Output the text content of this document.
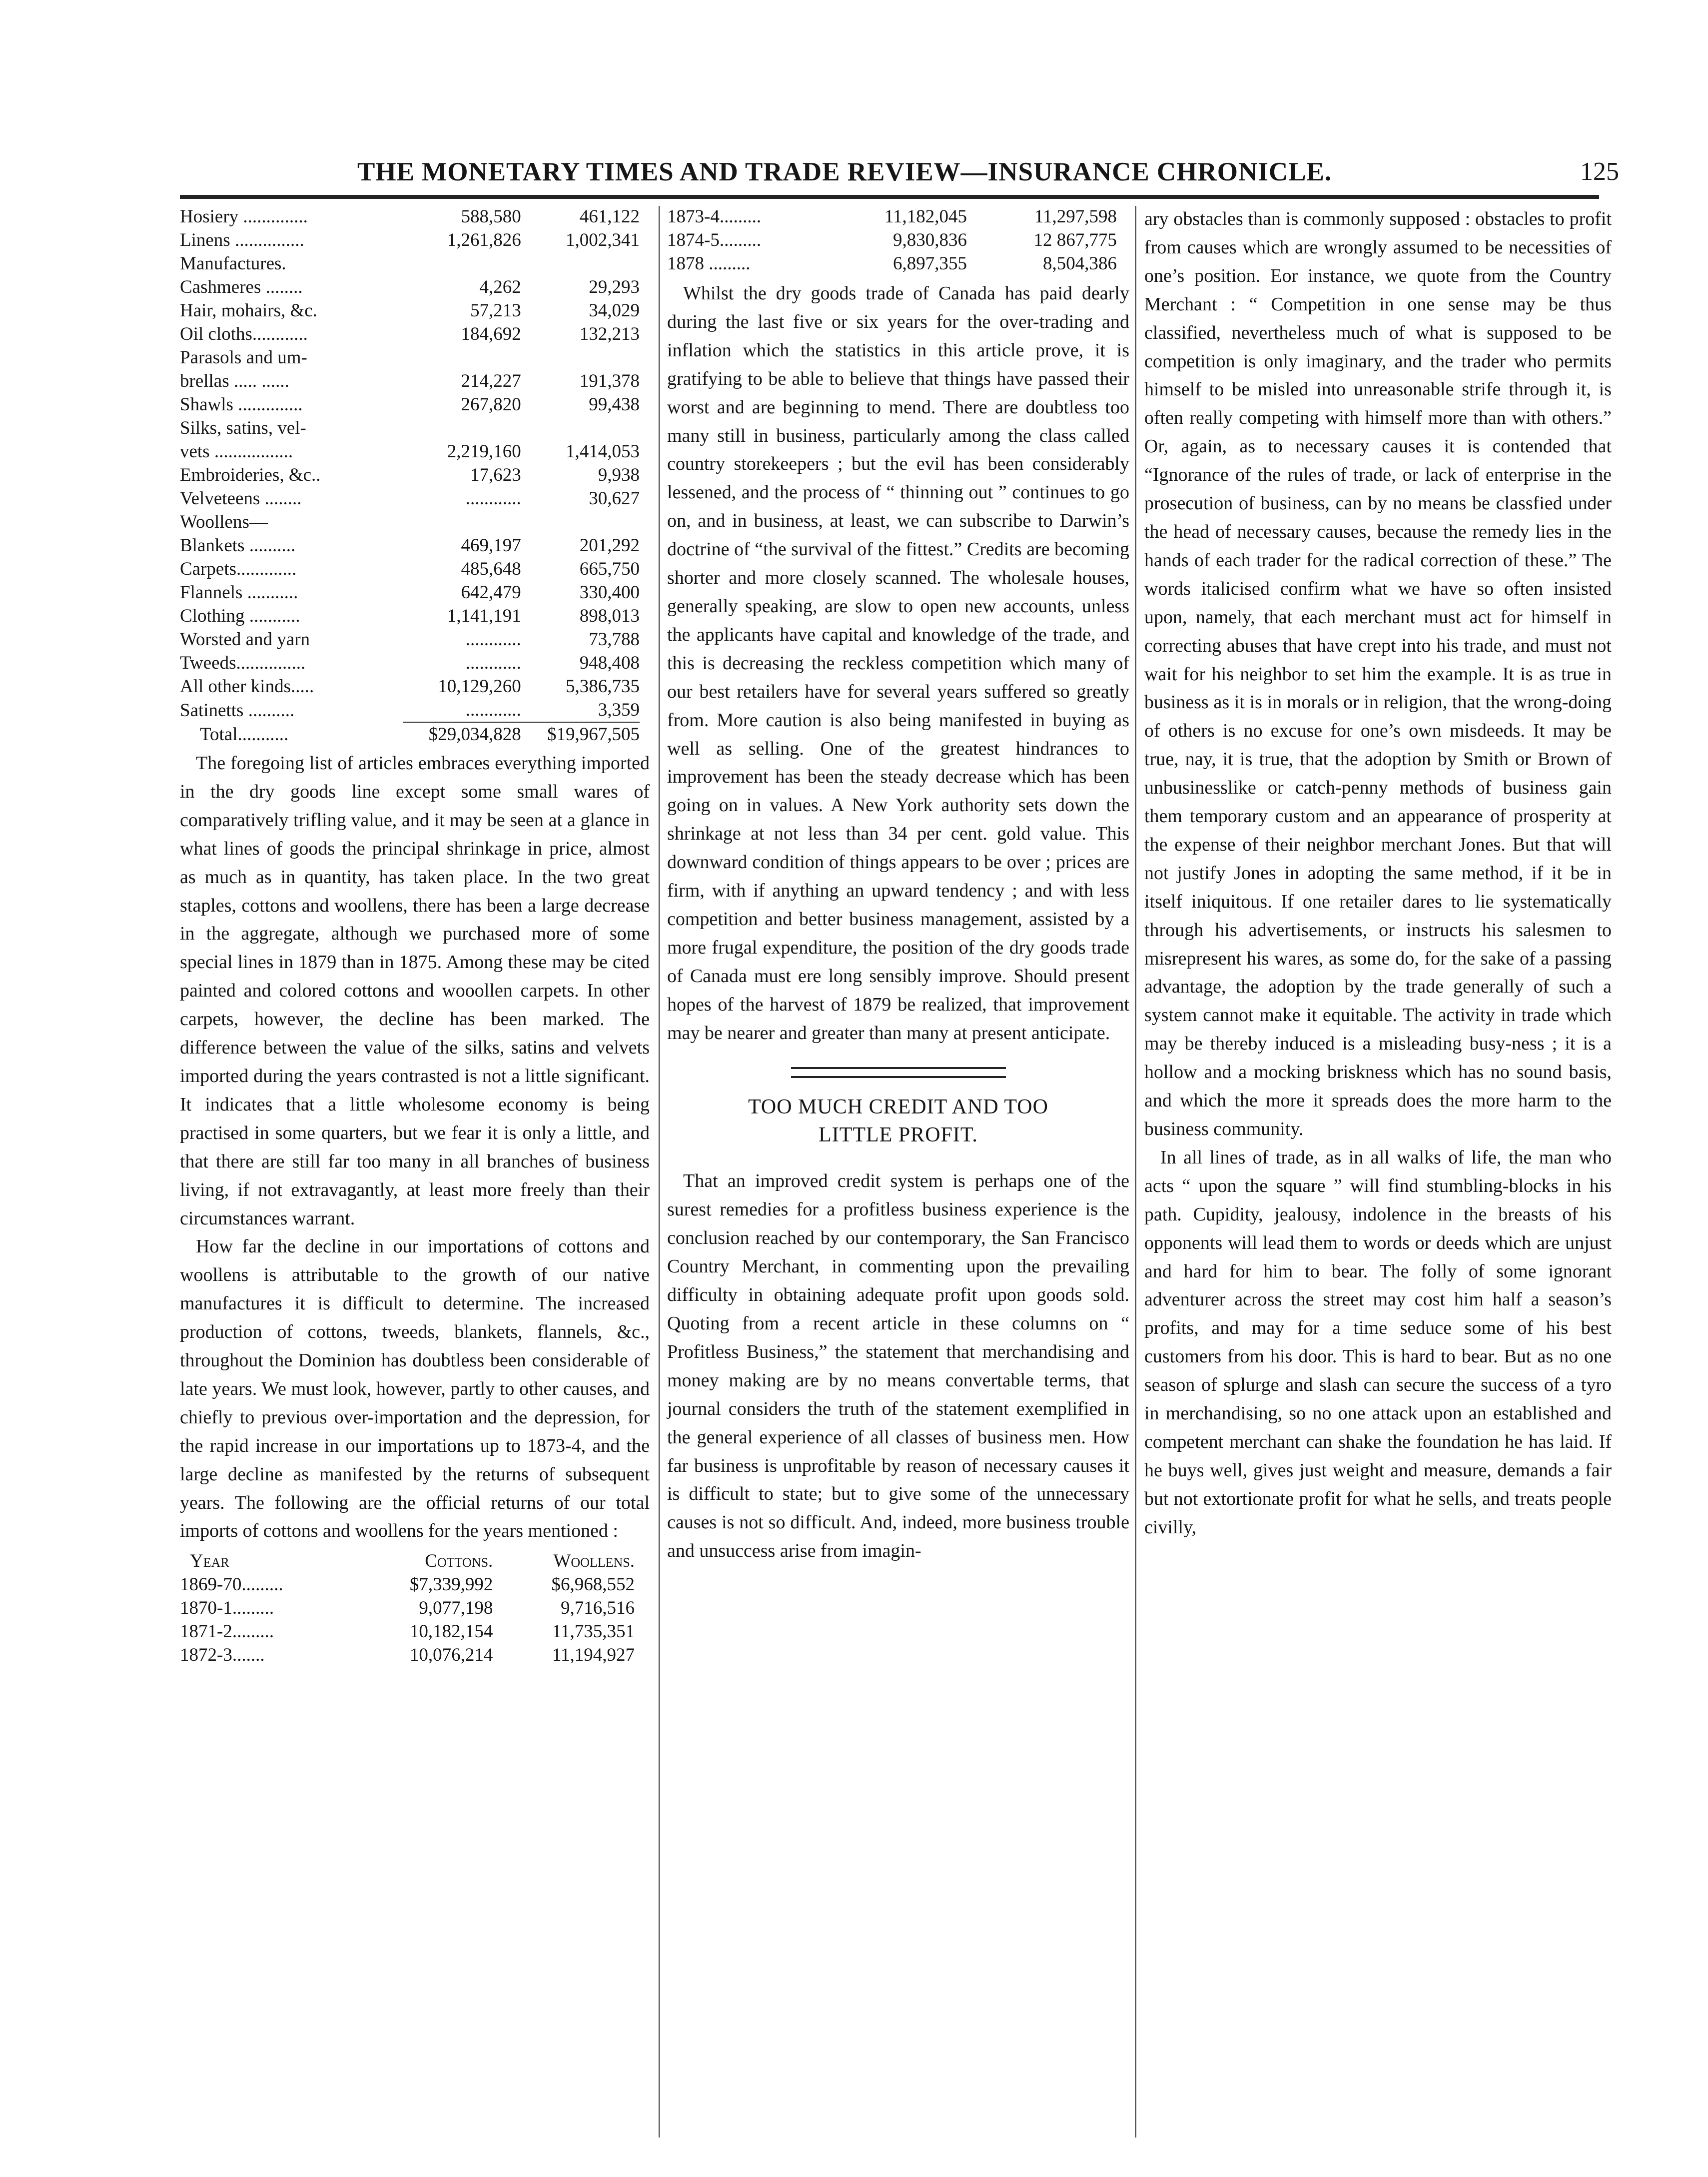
THE MONETARY TIMES AND TRADE REVIEW—INSURANCE CHRONICLE.	125
Hosiery ..............	588,580	461,122
Linens ...............	1,261,826	1,002,341
Manufactures.		
Cashmeres ........	4,262	29,293
Hair, mohairs, &c.	57,213	34,029
Oil cloths............	184,692	132,213
Parasols and um-		
brellas ..... ......	214,227	191,378
Shawls ..............	267,820	99,438
Silks, satins, vel-		
vets .................	2,219,160	1,414,053
Embroideries, &c..	17,623	9,938
Velveteens ........	............	30,627
Woollens—		
Blankets ..........	469,197	201,292
Carpets.............	485,648	665,750
Flannels ...........	642,479	330,400
Clothing ...........	1,141,191	898,013
Worsted and yarn	............	73,788
Tweeds...............	............	948,408
All other kinds.....	10,129,260	5,386,735
Satinetts ..........	............	3,359
Total...........	$29,034,828	$19,967,505

The foregoing list of articles embraces everything imported in the dry goods line except some small wares of comparatively trifling value, and it may be seen at a glance in what lines of goods the principal shrinkage in price, almost as much as in quantity, has taken place. In the two great staples, cottons and woollens, there has been a large decrease in the aggregate, although we purchased more of some special lines in 1879 than in 1875. Among these may be cited painted and colored cottons and wooollen carpets. In other carpets, however, the decline has been marked. The difference between the value of the silks, satins and velvets imported during the years contrasted is not a little significant. It indicates that a little wholesome economy is being practised in some quarters, but we fear it is only a little, and that there are still far too many in all branches of business living, if not extravagantly, at least more freely than their circumstances warrant.

How far the decline in our importations of cottons and woollens is attributable to the growth of our native manufactures it is difficult to determine. The increased production of cottons, tweeds, blankets, flannels, &c., throughout the Dominion has doubtless been considerable of late years. We must look, however, partly to other causes, and chiefly to previous over-importation and the depression, for the rapid increase in our importations up to 1873-4, and the large decline as manifested by the returns of subsequent years. The following are the official returns of our total imports of cottons and woollens for the years mentioned :

Year	Cottons.	Woollens.
1869-70.........	$7,339,992	$6,968,552
1870-1.........	9,077,198	9,716,516
1871-2.........	10,182,154	11,735,351
1872-3.......	10,076,214	11,194,927
1873-4.........	11,182,045	11,297,598
1874-5.........	9,830,836	12 867,775
1878 .........	6,897,355	8,504,386

Whilst the dry goods trade of Canada has paid dearly during the last five or six years for the over-trading and inflation which the statistics in this article prove, it is gratifying to be able to believe that things have passed their worst and are beginning to mend. There are doubtless too many still in business, particularly among the class called country storekeepers ; but the evil has been considerably lessened, and the process of “ thinning out ” continues to go on, and in business, at least, we can subscribe to Darwin’s doctrine of “the survival of the fittest.” Credits are becoming shorter and more closely scanned. The wholesale houses, generally speaking, are slow to open new accounts, unless the applicants have capital and knowledge of the trade, and this is decreasing the reckless competition which many of our best retailers have for several years suffered so greatly from. More caution is also being manifested in buying as well as selling. One of the greatest hindrances to improvement has been the steady decrease which has been going on in values. A New York authority sets down the shrinkage at not less than 34 per cent. gold value. This downward condition of things appears to be over ; prices are firm, with if anything an upward tendency ; and with less competition and better business management, assisted by a more frugal expenditure, the position of the dry goods trade of Canada must ere long sensibly improve. Should present hopes of the harvest of 1879 be realized, that improvement may be nearer and greater than many at present anticipate.

TOO MUCH CREDIT AND TOO
LITTLE PROFIT.

That an improved credit system is perhaps one of the surest remedies for a profitless business experience is the conclusion reached by our contemporary, the San Francisco Country Merchant, in commenting upon the prevailing difficulty in obtaining adequate profit upon goods sold. Quoting from a recent article in these columns on “ Profitless Business,” the statement that merchandising and money making are by no means convertable terms, that journal considers the truth of the statement exemplified in the general experience of all classes of business men. How far business is unprofitable by reason of necessary causes it is difficult to state; but to give some of the unnecessary causes is not so difficult. And, indeed, more business trouble and unsuccess arise from imagin-

ary obstacles than is commonly supposed : obstacles to profit from causes which are wrongly assumed to be necessities of one’s position. Eor instance, we quote from the Country Merchant : “ Competition in one sense may be thus classified, nevertheless much of what is supposed to be competition is only imaginary, and the trader who permits himself to be misled into unreasonable strife through it, is often really competing with himself more than with others.” Or, again, as to necessary causes it is contended that “Ignorance of the rules of trade, or lack of enterprise in the prosecution of business, can by no means be classfied under the head of necessary causes, because the remedy lies in the hands of each trader for the radical correction of these.” The words italicised confirm what we have so often insisted upon, namely, that each merchant must act for himself in correcting abuses that have crept into his trade, and must not wait for his neighbor to set him the example. It is as true in business as it is in morals or in religion, that the wrong-doing of others is no excuse for one’s own misdeeds. It may be true, nay, it is true, that the adoption by Smith or Brown of unbusinesslike or catch-penny methods of business gain them temporary custom and an appearance of prosperity at the expense of their neighbor merchant Jones. But that will not justify Jones in adopting the same method, if it be in itself iniquitous. If one retailer dares to lie systematically through his advertisements, or instructs his salesmen to misrepresent his wares, as some do, for the sake of a passing advantage, the adoption by the trade generally of such a system cannot make it equitable. The activity in trade which may be thereby induced is a misleading busy-ness ; it is a hollow and a mocking briskness which has no sound basis, and which the more it spreads does the more harm to the business community.

In all lines of trade, as in all walks of life, the man who acts “ upon the square ” will find stumbling-blocks in his path. Cupidity, jealousy, indolence in the breasts of his opponents will lead them to words or deeds which are unjust and hard for him to bear. The folly of some ignorant adventurer across the street may cost him half a season’s profits, and may for a time seduce some of his best customers from his door. This is hard to bear. But as no one season of splurge and slash can secure the success of a tyro in merchandising, so no one attack upon an established and competent merchant can shake the foundation he has laid. If he buys well, gives just weight and measure, demands a fair but not extortionate profit for what he sells, and treats people civilly,
